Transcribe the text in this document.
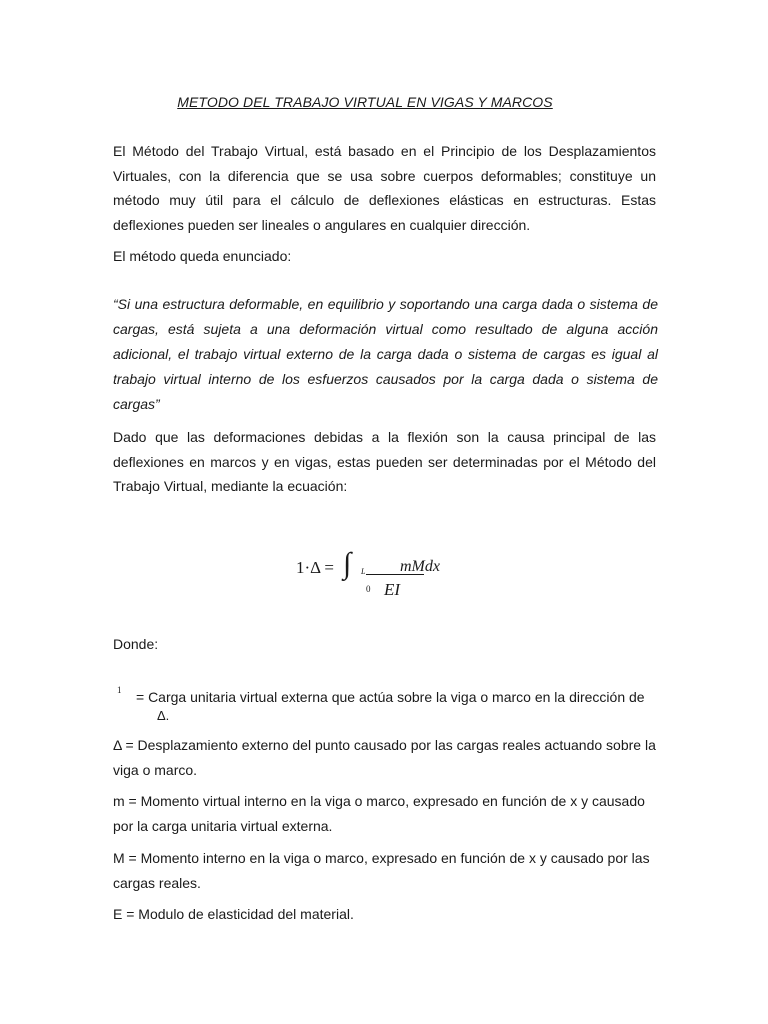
METODO DEL TRABAJO VIRTUAL EN VIGAS Y MARCOS
El Método del Trabajo Virtual, está basado en el Principio de los Desplazamientos Virtuales, con la diferencia que se usa sobre cuerpos deformables; constituye un método muy útil para el cálculo de deflexiones elásticas en estructuras. Estas deflexiones pueden ser lineales o angulares en cualquier dirección.
El método queda enunciado:
“Si una estructura deformable, en equilibrio y soportando una carga dada o sistema de cargas, está sujeta a una deformación virtual como resultado de alguna acción adicional, el trabajo virtual externo de la carga dada o sistema de cargas es igual al trabajo virtual interno de los esfuerzos causados por la carga dada o sistema de cargas”
Dado que las deformaciones debidas a la flexión son la causa principal de las deflexiones en marcos y en vigas, estas pueden ser determinadas por el Método del Trabajo Virtual, mediante la ecuación:
1·Δ = ∫ L mMdx
0 EI
Donde:
1 = Carga unitaria virtual externa que actúa sobre la viga o marco en la dirección de
Δ.
Δ = Desplazamiento externo del punto causado por las cargas reales actuando sobre la viga o marco.
m = Momento virtual interno en la viga o marco, expresado en función de x y causado por la carga unitaria virtual externa.
M = Momento interno en la viga o marco, expresado en función de x y causado por las cargas reales.
E = Modulo de elasticidad del material.
